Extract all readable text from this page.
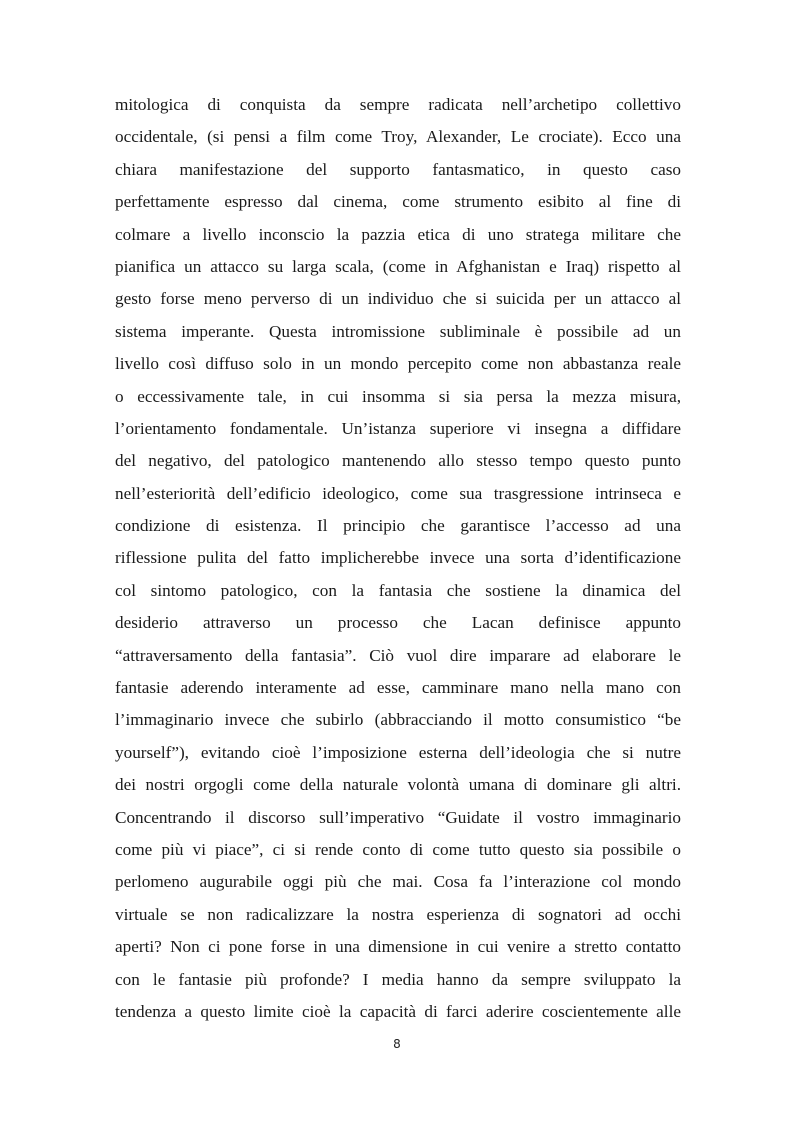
mitologica di conquista da sempre radicata nell’archetipo collettivo
occidentale, (si pensi a film come Troy, Alexander, Le crociate). Ecco una
chiara manifestazione del supporto fantasmatico, in questo caso
perfettamente espresso dal cinema, come strumento esibito al fine di
colmare a livello inconscio la pazzia etica di uno stratega militare che
pianifica un attacco su larga scala, (come in Afghanistan e Iraq) rispetto al
gesto forse meno perverso di un individuo che si suicida per un attacco al
sistema imperante. Questa intromissione subliminale è possibile ad un
livello così diffuso solo in un mondo percepito come non abbastanza reale
o eccessivamente tale, in cui insomma si sia persa la mezza misura,
l’orientamento fondamentale. Un’istanza superiore vi insegna a diffidare
del negativo, del patologico mantenendo allo stesso tempo questo punto
nell’esteriorità dell’edificio ideologico, come sua trasgressione intrinseca e
condizione di esistenza. Il principio che garantisce l’accesso ad una
riflessione pulita del fatto implicherebbe invece una sorta d’identificazione
col sintomo patologico, con la fantasia che sostiene la dinamica del
desiderio attraverso un processo che Lacan definisce appunto
“attraversamento della fantasia”. Ciò vuol dire imparare ad elaborare le
fantasie aderendo interamente ad esse, camminare mano nella mano con
l’immaginario invece che subirlo (abbracciando il motto consumistico “be
yourself”), evitando cioè l’imposizione esterna dell’ideologia che si nutre
dei nostri orgogli come della naturale volontà umana di dominare gli altri.
Concentrando il discorso sull’imperativo “Guidate il vostro immaginario
come più vi piace”, ci si rende conto di come tutto questo sia possibile o
perlomeno augurabile oggi più che mai. Cosa fa l’interazione col mondo
virtuale se non radicalizzare la nostra esperienza di sognatori ad occhi
aperti? Non ci pone forse in una dimensione in cui venire a stretto contatto
con le fantasie più profonde? I media hanno da sempre sviluppato la
tendenza a questo limite cioè la capacità di farci aderire coscientemente alle
8
